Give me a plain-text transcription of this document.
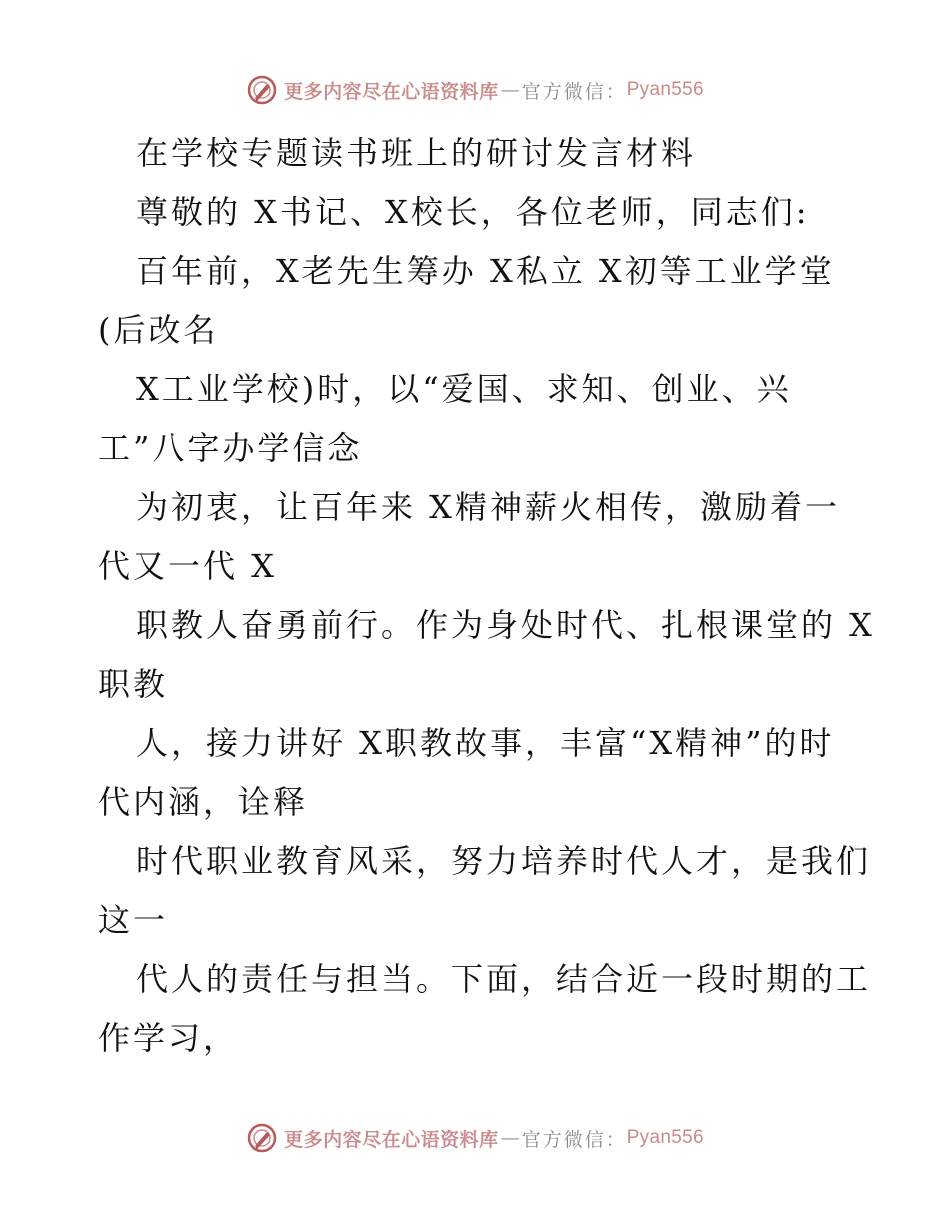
更多内容尽在心语资料库 — 官方微信： Pyan556
在学校专题读书班上的研讨发言材料
尊敬的 X书记、X校长，各位老师，同志们:
百年前，X老先生筹办 X私立 X初等工业学堂
(后改名
X工业学校)时，以“爱国、求知、创业、兴
工”八字办学信念
为初衷，让百年来 X精神薪火相传，激励着一
代又一代 X
职教人奋勇前行。作为身处时代、扎根课堂的 X
职教
人，接力讲好 X职教故事，丰富“X精神”的时
代内涵，诠释
时代职业教育风采，努力培养时代人才，是我们
这一
代人的责任与担当。下面，结合近一段时期的工
作学习，
更多内容尽在心语资料库 — 官方微信： Pyan556
